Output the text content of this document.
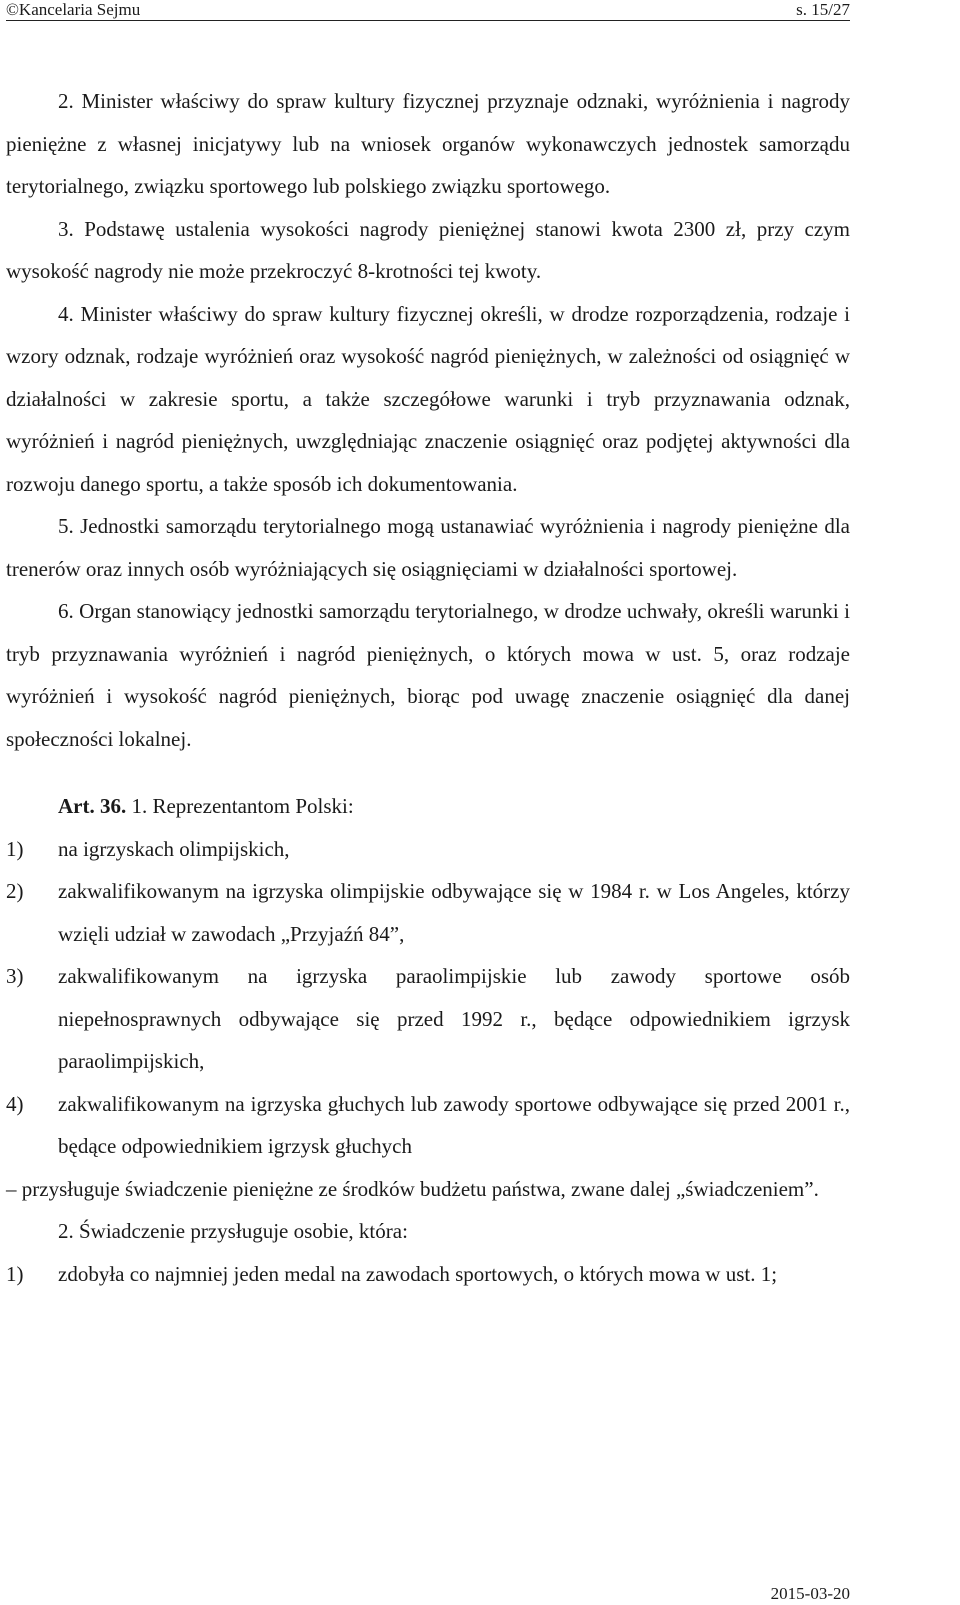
©Kancelaria Sejmu	s. 15/27

2. Minister właściwy do spraw kultury fizycznej przyznaje odznaki, wyróżnienia i nagrody pieniężne z własnej inicjatywy lub na wniosek organów wykonawczych jednostek samorządu terytorialnego, związku sportowego lub polskiego związku sportowego.

3. Podstawę ustalenia wysokości nagrody pieniężnej stanowi kwota 2300 zł, przy czym wysokość nagrody nie może przekroczyć 8-krotności tej kwoty.

4. Minister właściwy do spraw kultury fizycznej określi, w drodze rozporządzenia, rodzaje i wzory odznak, rodzaje wyróżnień oraz wysokość nagród pieniężnych, w zależności od osiągnięć w działalności w zakresie sportu, a także szczegółowe warunki i tryb przyznawania odznak, wyróżnień i nagród pieniężnych, uwzględniając znaczenie osiągnięć oraz podjętej aktywności dla rozwoju danego sportu, a także sposób ich dokumentowania.

5. Jednostki samorządu terytorialnego mogą ustanawiać wyróżnienia i nagrody pieniężne dla trenerów oraz innych osób wyróżniających się osiągnięciami w działalności sportowej.

6. Organ stanowiący jednostki samorządu terytorialnego, w drodze uchwały, określi warunki i tryb przyznawania wyróżnień i nagród pieniężnych, o których mowa w ust. 5, oraz rodzaje wyróżnień i wysokość nagród pieniężnych, biorąc pod uwagę znaczenie osiągnięć dla danej społeczności lokalnej.

Art. 36. 1. Reprezentantom Polski:

1)	na igrzyskach olimpijskich,
2)	zakwalifikowanym na igrzyska olimpijskie odbywające się w 1984 r. w Los Angeles, którzy wzięli udział w zawodach „Przyjaźń 84”,
3)	zakwalifikowanym na igrzyska paraolimpijskie lub zawody sportowe osób niepełnosprawnych odbywające się przed 1992 r., będące odpowiednikiem igrzysk paraolimpijskich,
4)	zakwalifikowanym na igrzyska głuchych lub zawody sportowe odbywające się przed 2001 r., będące odpowiednikiem igrzysk głuchych

– przysługuje świadczenie pieniężne ze środków budżetu państwa, zwane dalej „świadczeniem”.

2. Świadczenie przysługuje osobie, która:

1)	zdobyła co najmniej jeden medal na zawodach sportowych, o których mowa w ust. 1;
2015-03-20
